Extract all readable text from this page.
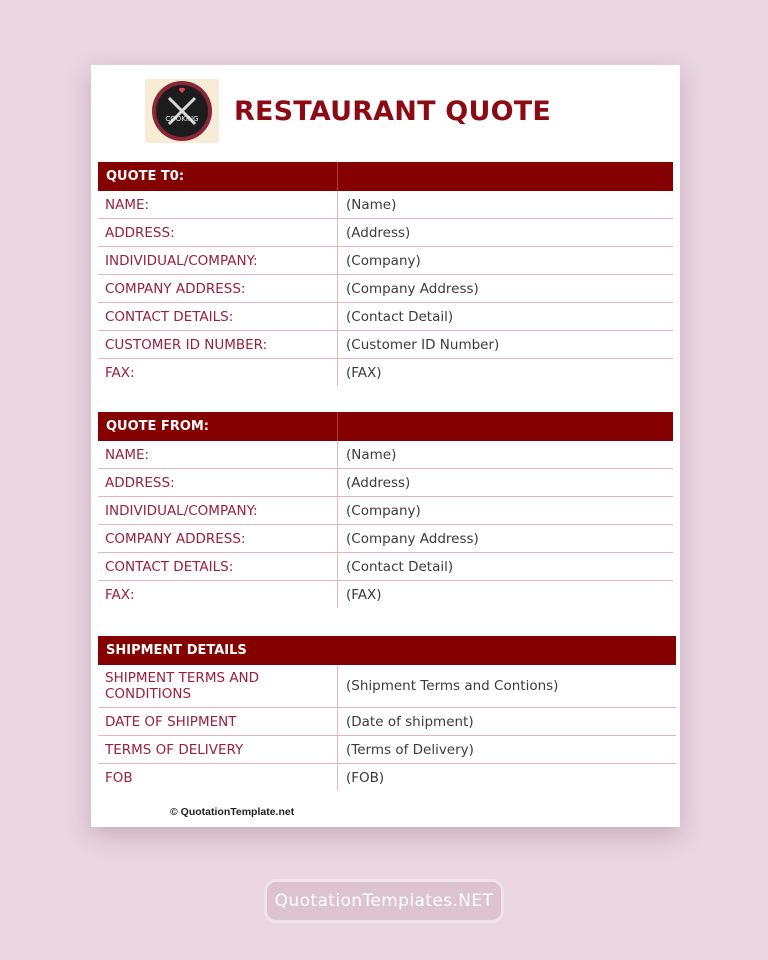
COOKING RESTAURANT QUOTE
QUOTE T0:
NAME:	(Name)
ADDRESS:	(Address)
INDIVIDUAL/COMPANY:	(Company)
COMPANY ADDRESS:	(Company Address)
CONTACT DETAILS:	(Contact Detail)
CUSTOMER ID NUMBER:	(Customer ID Number)
FAX:	(FAX)
QUOTE FROM:
NAME:	(Name)
ADDRESS:	(Address)
INDIVIDUAL/COMPANY:	(Company)
COMPANY ADDRESS:	(Company Address)
CONTACT DETAILS:	(Contact Detail)
FAX:	(FAX)
SHIPMENT DETAILS
SHIPMENT TERMS AND
CONDITIONS	(Shipment Terms and Contions)
DATE OF SHIPMENT	(Date of shipment)
TERMS OF DELIVERY	(Terms of Delivery)
FOB	(FOB)
© QuotationTemplate.net
QuotationTemplates.NET
